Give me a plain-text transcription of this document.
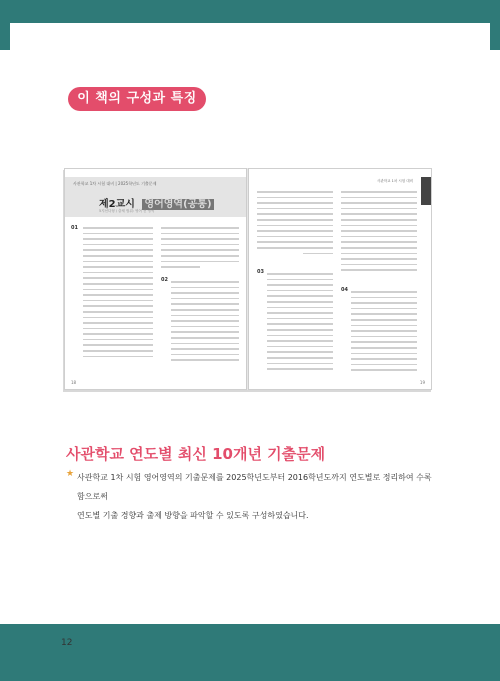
이 책의 구성과 특징
사관학교 1차 시험 대비 | 2025학년도 기출문제
제2교시 영어영역(공통)
5지선다형 / 출제 범위: 영어 전 영역
01
02
18
사관학교 1차 시험 대비
03
04
19
사관학교 연도별 최신 10개년 기출문제
★ 사관학교 1차 시험 영어영역의 기출문제를 2025학년도부터 2016학년도까지 연도별로 정리하여 수록함으로써
연도별 기출 경향과 출제 방향을 파악할 수 있도록 구성하였습니다.
12
